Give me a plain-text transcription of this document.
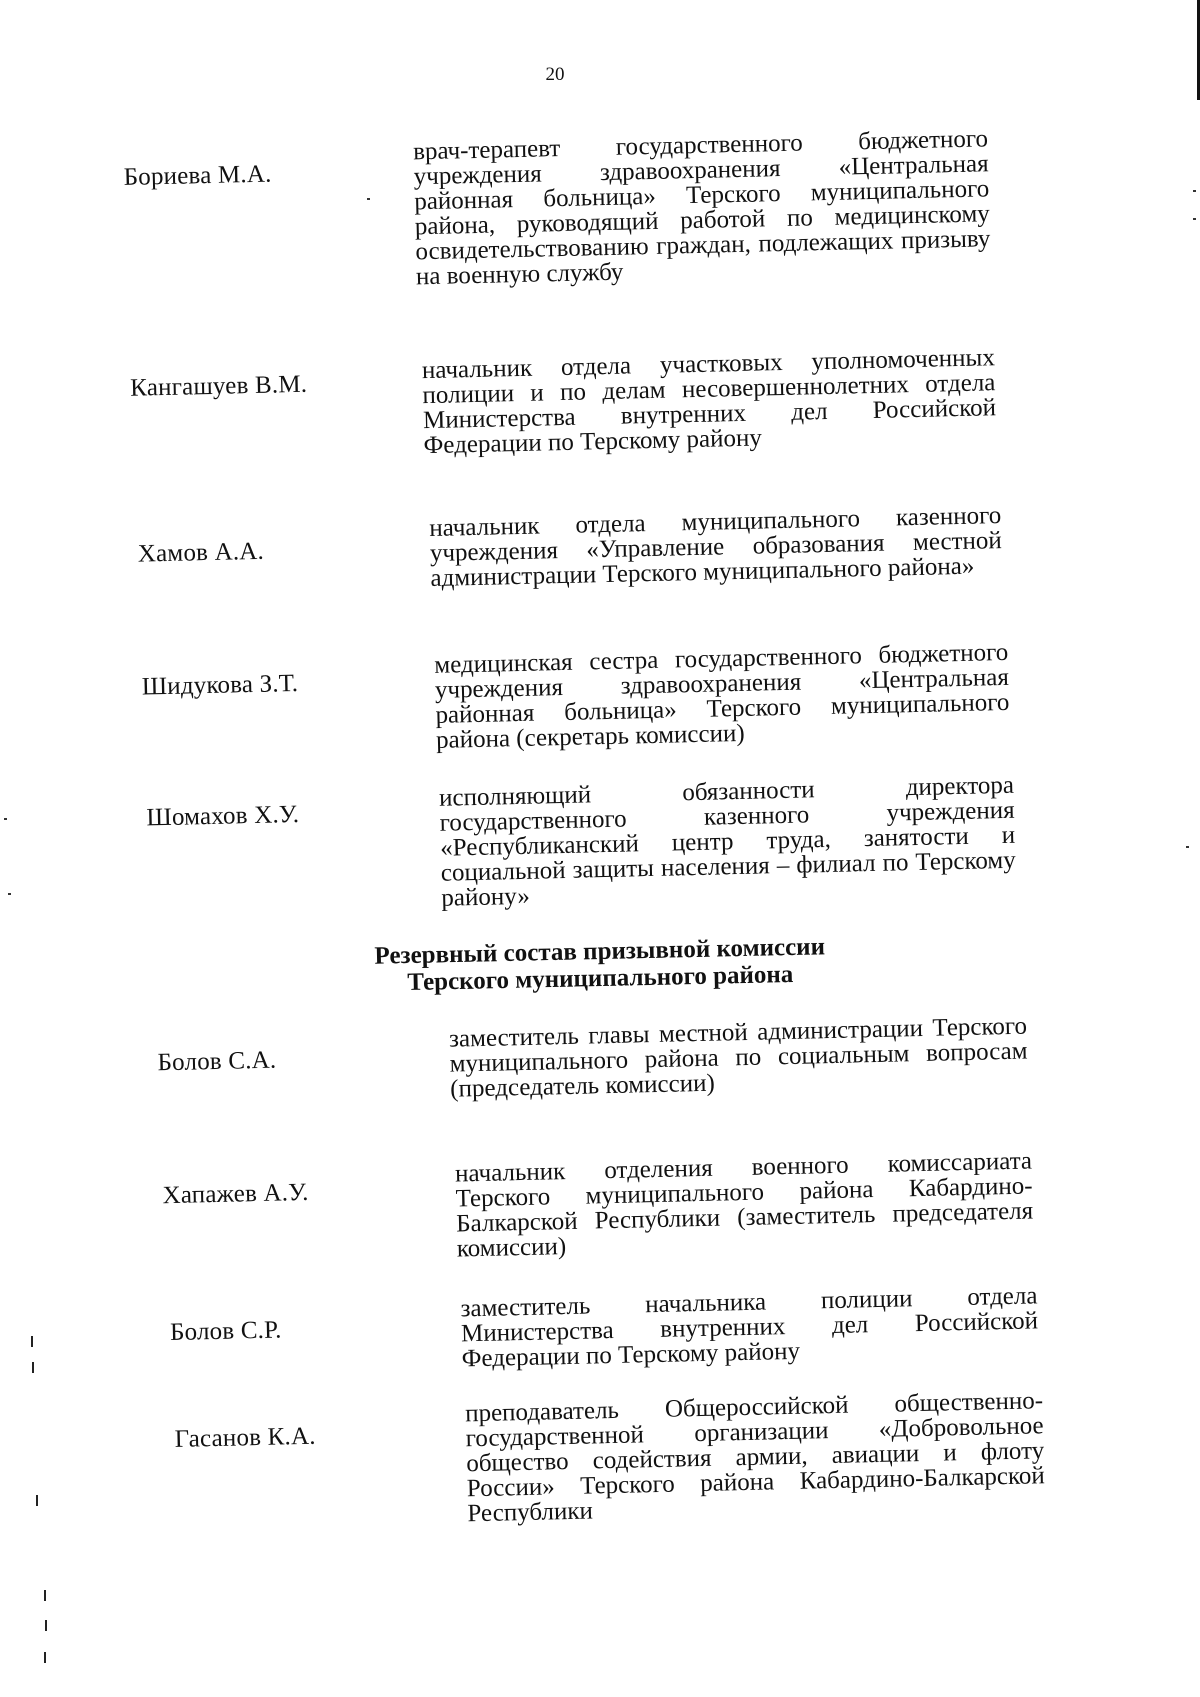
20
Бориева М.А.
врач-терапевт государственного бюджетного учреждения здравоохранения «Центральная районная больница» Терского муниципального района, руководящий работой по медицинскому освидетельствованию граждан, подлежащих призыву на военную службу
Кангашуев В.М.
начальник отдела участковых уполномоченных полиции и по делам несовершеннолетних отдела Министерства внутренних дел Российской Федерации по Терскому району
Хамов А.А.
начальник отдела муниципального казенного учреждения «Управление образования местной администрации Терского муниципального района»
Шидукова З.Т.
медицинская сестра государственного бюджетного учреждения здравоохранения «Центральная районная больница» Терского муниципального района (секретарь комиссии)
Шомахов Х.У.
исполняющий обязанности директора государственного казенного учреждения «Республиканский центр труда, занятости и социальной защиты населения – филиал по Терскому району»
Резервный состав призывной комиссии
Терского муниципального района
Болов С.А.
заместитель главы местной администрации Терского муниципального района по социальным вопросам (председатель комиссии)
Хапажев А.У.
начальник отделения военного комиссариата Терского муниципального района Кабардино-Балкарской Республики (заместитель председателя комиссии)
Болов С.Р.
заместитель начальника полиции отдела Министерства внутренних дел Российской Федерации по Терскому району
Гасанов К.А.
преподаватель Общероссийской общественно-государственной организации «Добровольное общество содействия армии, авиации и флоту России» Терского района Кабардино-Балкарской Республики
